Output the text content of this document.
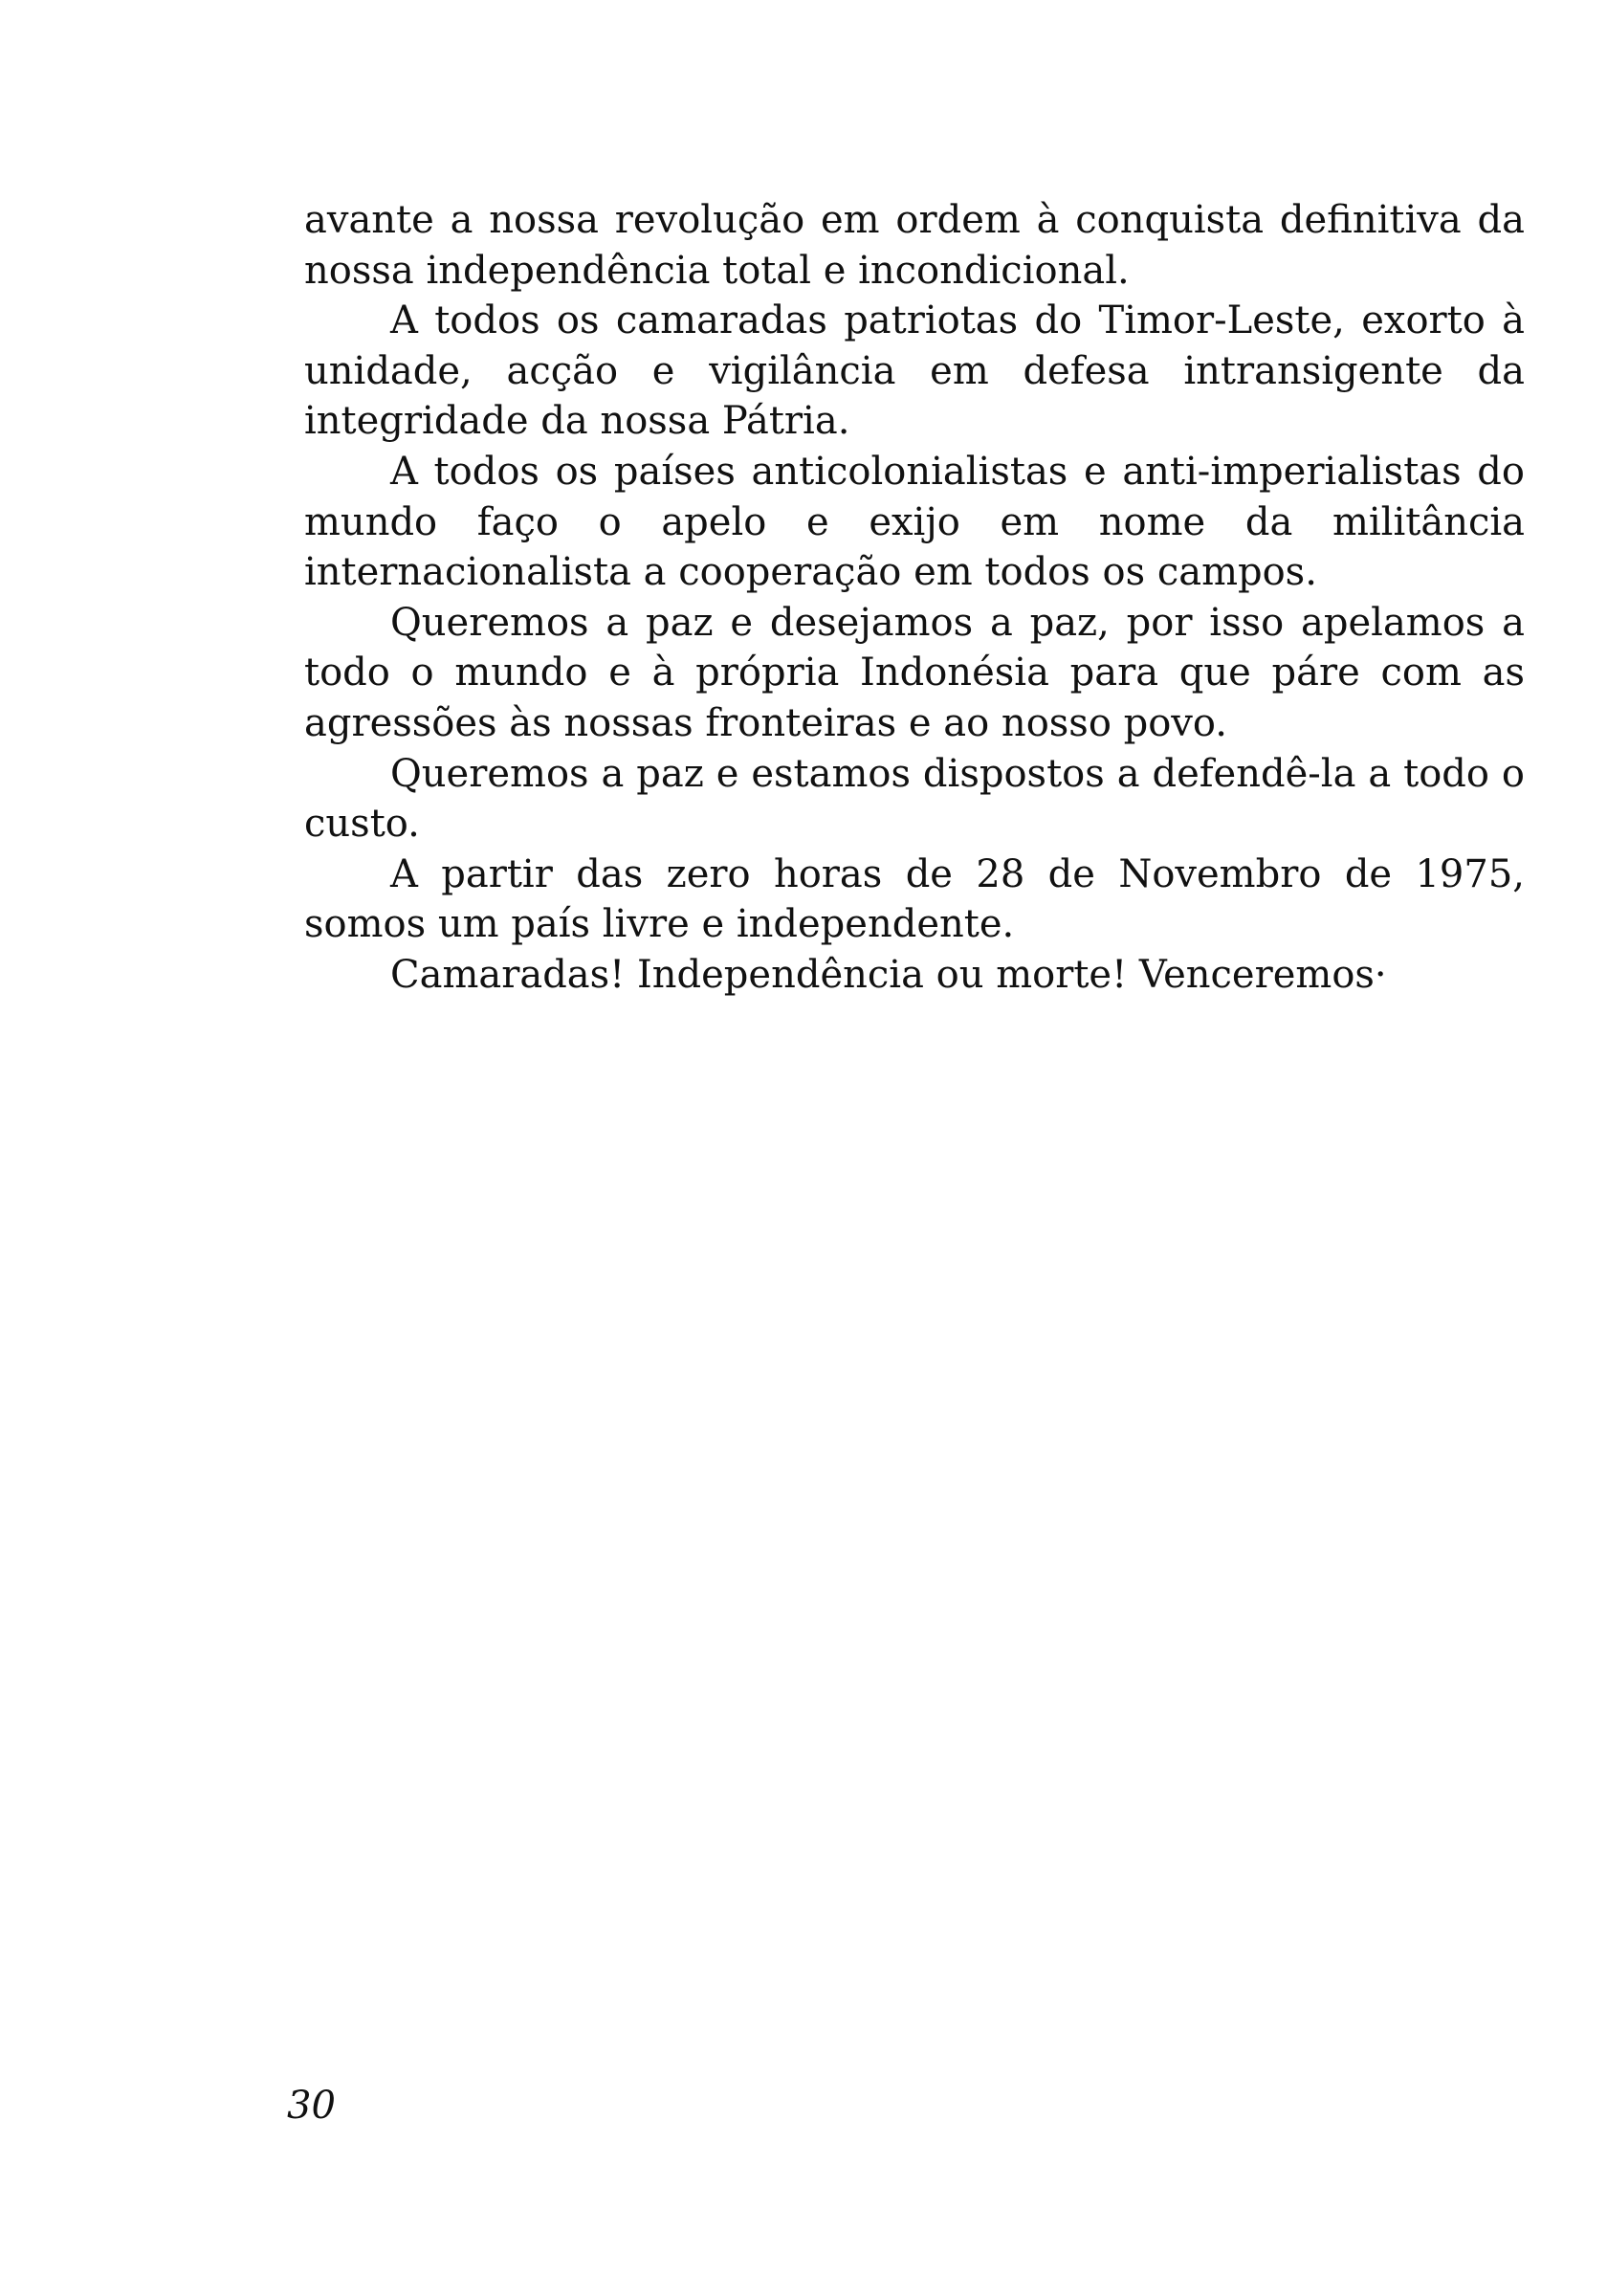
avante a nossa revolução em ordem à conquista definitiva da nossa independência total e incondicional.

A todos os camaradas patriotas do Timor-Leste, exorto à unidade, acção e vigilância em defesa intransigente da integridade da nossa Pátria.

A todos os países anticolonialistas e anti-imperialistas do mundo faço o apelo e exijo em nome da militância internacionalista a cooperação em todos os campos.

Queremos a paz e desejamos a paz, por isso apelamos a todo o mundo e à própria Indonésia para que páre com as agressões às nossas fronteiras e ao nosso povo.

Queremos a paz e estamos dispostos a defendê-la a todo o custo.

A partir das zero horas de 28 de Novembro de 1975, somos um país livre e independente.

Camaradas! Independência ou morte! Venceremos·

30
